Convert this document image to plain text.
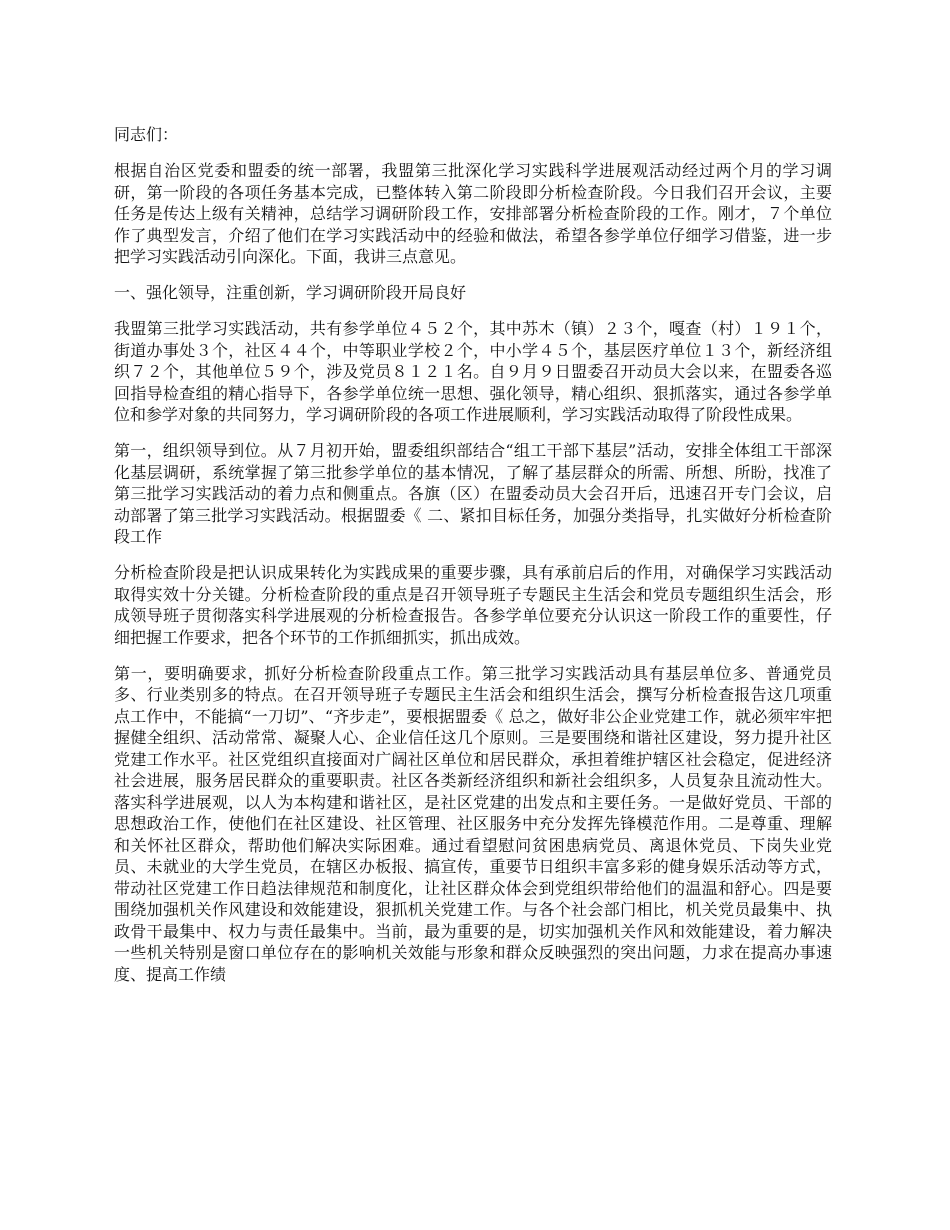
同志们：

根据自治区党委和盟委的统一部署，我盟第三批深化学习实践科学进展观活动经过两个月的学习调研，第一阶段的各项任务基本完成，已整体转入第二阶段即分析检查阶段。今日我们召开会议，主要任务是传达上级有关精神，总结学习调研阶段工作，安排部署分析检查阶段的工作。刚才，７个单位作了典型发言，介绍了他们在学习实践活动中的经验和做法，希望各参学单位仔细学习借鉴，进一步把学习实践活动引向深化。下面，我讲三点意见。

一、强化领导，注重创新，学习调研阶段开局良好

我盟第三批学习实践活动，共有参学单位４５２个，其中苏木（镇）２３个，嘎查（村）１９１个，街道办事处３个，社区４４个，中等职业学校２个，中小学４５个，基层医疗单位１３个，新经济组织７２个，其他单位５９个，涉及党员８１２１名。自９月９日盟委召开动员大会以来，在盟委各巡回指导检查组的精心指导下，各参学单位统一思想、强化领导，精心组织、狠抓落实，通过各参学单位和参学对象的共同努力，学习调研阶段的各项工作进展顺利，学习实践活动取得了阶段性成果。

第一，组织领导到位。从７月初开始，盟委组织部结合“组工干部下基层”活动，安排全体组工干部深化基层调研，系统掌握了第三批参学单位的基本情况，了解了基层群众的所需、所想、所盼，找准了第三批学习实践活动的着力点和侧重点。各旗（区）在盟委动员大会召开后，迅速召开专门会议，启动部署了第三批学习实践活动。根据盟委《 二、紧扣目标任务，加强分类指导，扎实做好分析检查阶段工作

分析检查阶段是把认识成果转化为实践成果的重要步骤，具有承前启后的作用，对确保学习实践活动取得实效十分关键。分析检查阶段的重点是召开领导班子专题民主生活会和党员专题组织生活会，形成领导班子贯彻落实科学进展观的分析检查报告。各参学单位要充分认识这一阶段工作的重要性，仔细把握工作要求，把各个环节的工作抓细抓实，抓出成效。

第一，要明确要求，抓好分析检查阶段重点工作。第三批学习实践活动具有基层单位多、普通党员多、行业类别多的特点。在召开领导班子专题民主生活会和组织生活会，撰写分析检查报告这几项重点工作中，不能搞“一刀切”、“齐步走”，要根据盟委《 总之，做好非公企业党建工作，就必须牢牢把握健全组织、活动常常、凝聚人心、企业信任这几个原则。三是要围绕和谐社区建设，努力提升社区党建工作水平。社区党组织直接面对广阔社区单位和居民群众，承担着维护辖区社会稳定，促进经济社会进展，服务居民群众的重要职责。社区各类新经济组织和新社会组织多，人员复杂且流动性大。落实科学进展观，以人为本构建和谐社区，是社区党建的出发点和主要任务。一是做好党员、干部的思想政治工作，使他们在社区建设、社区管理、社区服务中充分发挥先锋模范作用。二是尊重、理解和关怀社区群众，帮助他们解决实际困难。通过看望慰问贫困患病党员、离退休党员、下岗失业党员、未就业的大学生党员，在辖区办板报、搞宣传，重要节日组织丰富多彩的健身娱乐活动等方式，带动社区党建工作日趋法律规范和制度化，让社区群众体会到党组织带给他们的温温和舒心。四是要围绕加强机关作风建设和效能建设，狠抓机关党建工作。与各个社会部门相比，机关党员最集中、执政骨干最集中、权力与责任最集中。当前，最为重要的是，切实加强机关作风和效能建设，着力解决一些机关特别是窗口单位存在的影响机关效能与形象和群众反映强烈的突出问题，力求在提高办事速度、提高工作绩
